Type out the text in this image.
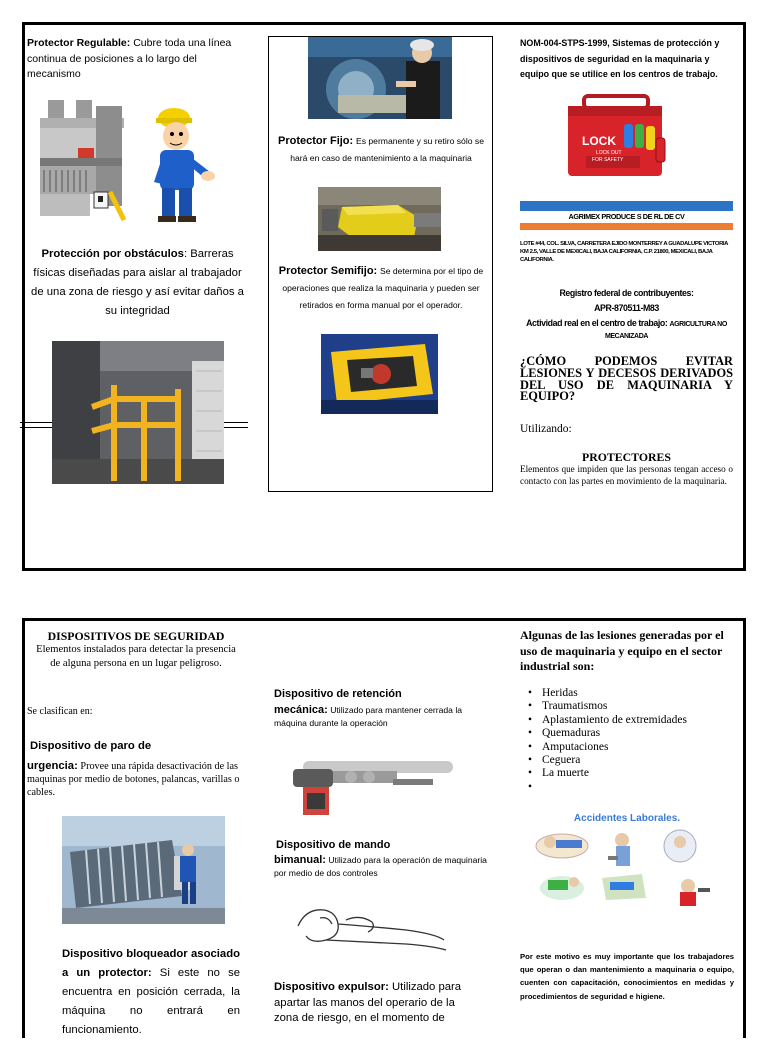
Protector Regulable: Cubre toda una línea continua de posiciones a lo largo del mecanismo
Protección por obstáculos: Barreras físicas diseñadas para aislar al trabajador de una zona de riesgo y así evitar daños a su integridad
Protector Fijo: Es permanente y su retiro sólo se hará en caso de mantenimiento a la maquinaria
Protector Semifijo: Se determina por el tipo de operaciones que realiza la maquinaria y pueden ser retirados en forma manual por el operador.
NOM-004-STPS-1999, Sistemas de protección y dispositivos de seguridad en la maquinaria y equipo que se utilice en los centros de trabajo.
LOCK
LOCK OUT
FOR SAFETY
AGRIMEX PRODUCE S DE RL DE CV
LOTE #44, COL. SILVA, CARRETERA EJIDO MONTERREY A GUADALUPE VICTORIA KM 2.5, VALLE DE MEXICALI, BAJA CALIFORNIA, C.P. 21800, MEXICALI, BAJA CALIFORNIA.
Registro federal de contribuyentes:
APR-870511-M83
Actividad real en el centro de trabajo: AGRICULTURA NO MECANIZADA
¿CÓMO PODEMOS EVITAR LESIONES Y DECESOS DERIVADOS DEL USO DE MAQUINARIA Y EQUIPO?
Utilizando:
PROTECTORES
Elementos que impiden que las personas tengan acceso o contacto con las partes en movimiento de la maquinaria.
DISPOSITIVOS DE SEGURIDAD
Elementos instalados para detectar la presencia de alguna persona en un lugar peligroso.
Se clasifican en:
Dispositivo de paro de
urgencia: Provee una rápida desactivación de las maquinas por medio de botones, palancas, varillas o cables.
Dispositivo bloqueador asociado a un protector: Si este no se encuentra en posición cerrada, la máquina no entrará en funcionamiento.
Dispositivo de retención
mecánica: Utilizado para mantener cerrada la máquina durante la operación
Dispositivo de mando
bimanual: Utilizado para la operación de maquinaria por medio de dos controles
Dispositivo expulsor: Utilizado para apartar las manos del operario de la zona de riesgo, en el momento de
Algunas de las lesiones generadas por el uso de maquinaria y equipo en el sector industrial son:
• Heridas
• Traumatismos
• Aplastamiento de extremidades
• Quemaduras
• Amputaciones
• Ceguera
• La muerte
•
Accidentes Laborales.
Por este motivo es muy importante que los trabajadores que operan o dan mantenimiento a maquinaria o equipo, cuenten con capacitación, conocimientos en medidas y procedimientos de seguridad e higiene.
